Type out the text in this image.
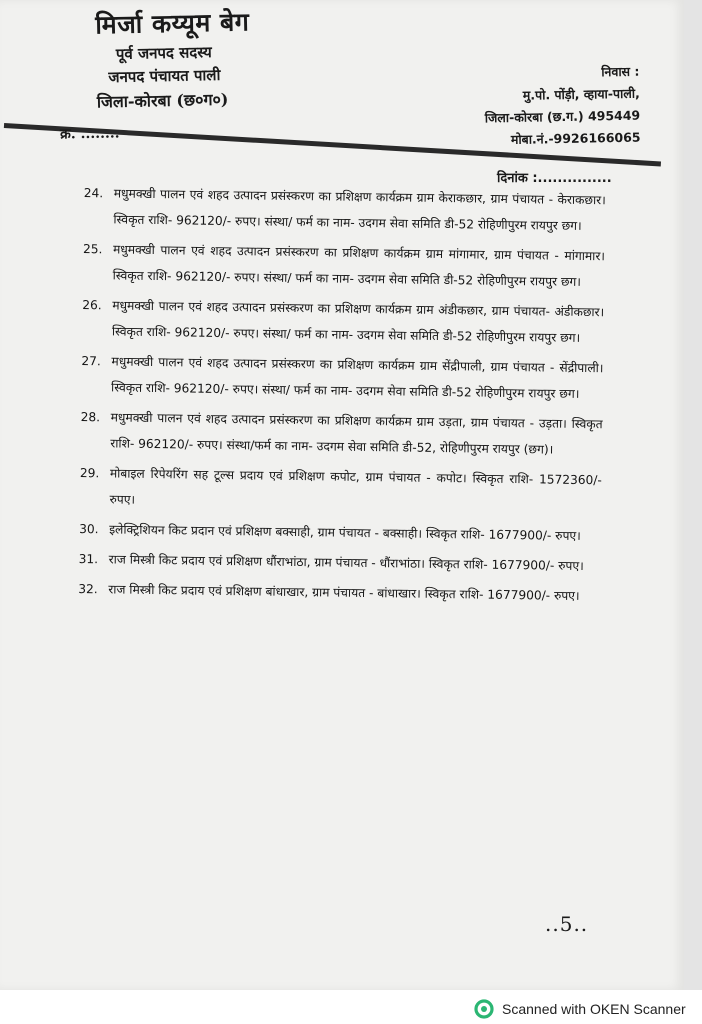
मिर्जा कय्यूम बेग
पूर्व जनपद सदस्य
जनपद पंचायत पाली
जिला-कोरबा (छ०ग०)
निवास :
मु.पो. पोंड़ी, व्हाया-पाली,
जिला-कोरबा (छ.ग.) 495449
मोबा.नं.-9926166065
क्र. ........
दिनांक :...............
24. मधुमक्खी पालन एवं शहद उत्पादन प्रसंस्करण का प्रशिक्षण कार्यक्रम ग्राम केराकछार, ग्राम पंचायत - केराकछार। स्विकृत राशि- 962120/- रुपए। संस्था/ फर्म का नाम- उदगम सेवा समिति डी-52 रोहिणीपुरम रायपुर छग।
25. मधुमक्खी पालन एवं शहद उत्पादन प्रसंस्करण का प्रशिक्षण कार्यक्रम ग्राम मांगामार, ग्राम पंचायत - मांगामार। स्विकृत राशि- 962120/- रुपए। संस्था/ फर्म का नाम- उदगम सेवा समिति डी-52 रोहिणीपुरम रायपुर छग।
26. मधुमक्खी पालन एवं शहद उत्पादन प्रसंस्करण का प्रशिक्षण कार्यक्रम ग्राम अंडीकछार, ग्राम पंचायत- अंडीकछार। स्विकृत राशि- 962120/- रुपए। संस्था/ फर्म का नाम- उदगम सेवा समिति डी-52 रोहिणीपुरम रायपुर छग।
27. मधुमक्खी पालन एवं शहद उत्पादन प्रसंस्करण का प्रशिक्षण कार्यक्रम ग्राम सेंद्रीपाली, ग्राम पंचायत - सेंद्रीपाली। स्विकृत राशि- 962120/- रुपए। संस्था/ फर्म का नाम- उदगम सेवा समिति डी-52 रोहिणीपुरम रायपुर छग।
28. मधुमक्खी पालन एवं शहद उत्पादन प्रसंस्करण का प्रशिक्षण कार्यक्रम ग्राम उड़ता, ग्राम पंचायत - उड़ता। स्विकृत राशि- 962120/- रुपए। संस्था/फर्म का नाम- उदगम सेवा समिति डी-52, रोहिणीपुरम रायपुर (छग)।
29. मोबाइल रिपेयरिंग सह टूल्स प्रदाय एवं प्रशिक्षण कपोट, ग्राम पंचायत - कपोट। स्विकृत राशि- 1572360/- रुपए।
30. इलेक्ट्रिशियन किट प्रदान एवं प्रशिक्षण बक्साही, ग्राम पंचायत - बक्साही। स्विकृत राशि- 1677900/- रुपए।
31. राज मिस्त्री किट प्रदाय एवं प्रशिक्षण धौंराभांठा, ग्राम पंचायत - धौंराभांठा। स्विकृत राशि- 1677900/- रुपए।
32. राज मिस्त्री किट प्रदाय एवं प्रशिक्षण बांधाखार, ग्राम पंचायत - बांधाखार। स्विकृत राशि- 1677900/- रुपए।
..5..
Scanned with OKEN Scanner
